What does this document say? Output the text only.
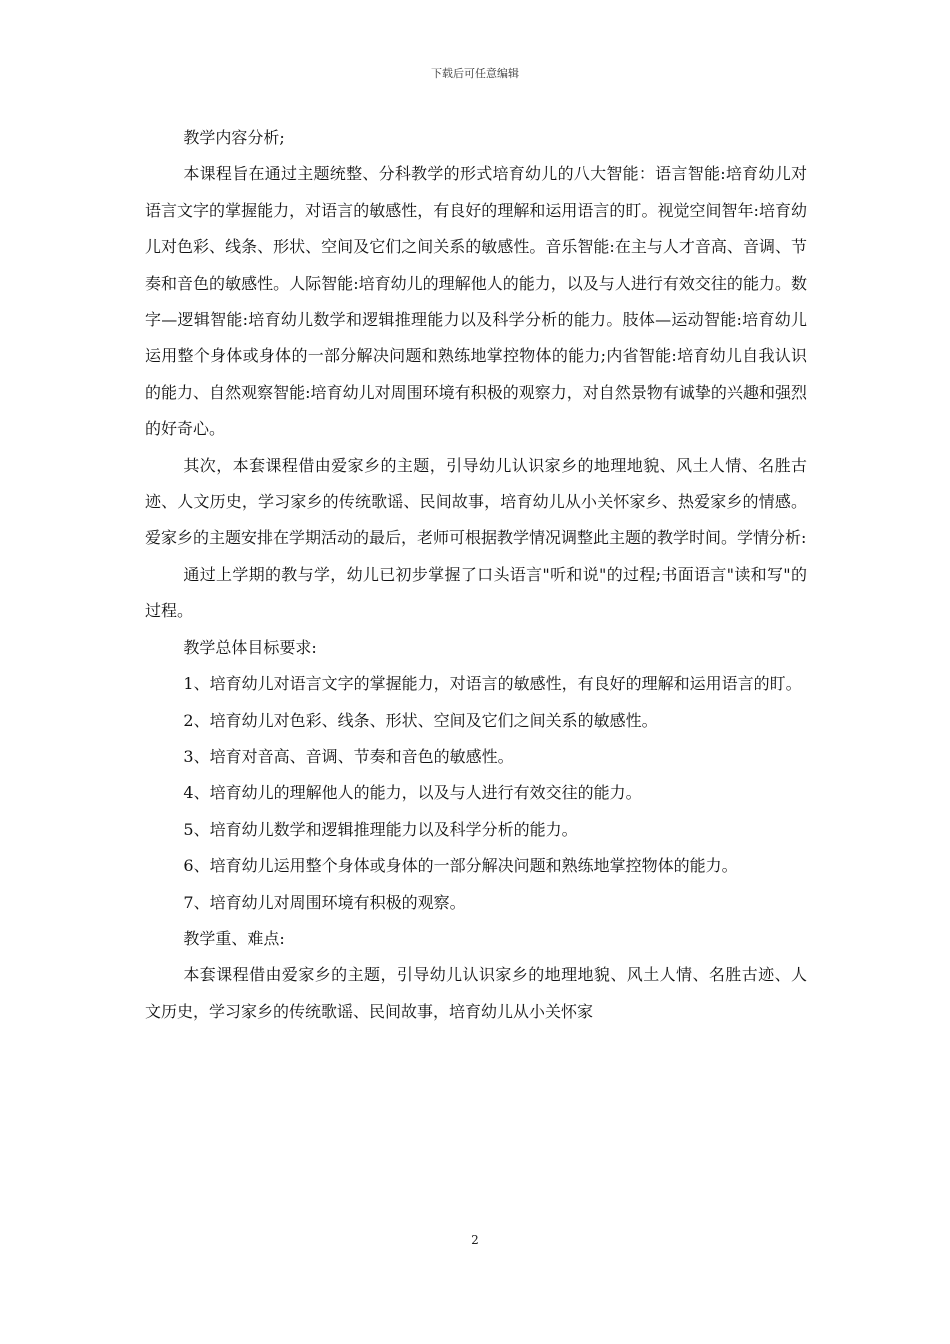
下载后可任意编辑

教学内容分析;

本课程旨在通过主题统整、分科教学的形式培育幼儿的八大智能：语言智能:培育幼儿对语言文字的掌握能力，对语言的敏感性，有良好的理解和运用语言的盯。视觉空间智年:培育幼儿对色彩、线条、形状、空间及它们之间关系的敏感性。音乐智能:在主与人才音高、音调、节奏和音色的敏感性。人际智能:培育幼儿的理解他人的能力，以及与人进行有效交往的能力。数字—逻辑智能:培育幼儿数学和逻辑推理能力以及科学分析的能力。肢体—运动智能:培育幼儿运用整个身体或身体的一部分解决问题和熟练地掌控物体的能力;内省智能:培育幼儿自我认识的能力、自然观察智能:培育幼儿对周围环境有积极的观察力，对自然景物有诚挚的兴趣和强烈的好奇心。

其次，本套课程借由爱家乡的主题，引导幼儿认识家乡的地理地貌、风土人情、名胜古迹、人文历史，学习家乡的传统歌谣、民间故事，培育幼儿从小关怀家乡、热爱家乡的情感。爱家乡的主题安排在学期活动的最后，老师可根据教学情况调整此主题的教学时间。学情分析:

通过上学期的教与学，幼儿已初步掌握了口头语言"听和说"的过程;书面语言"读和写"的过程。

教学总体目标要求:

1、培育幼儿对语言文字的掌握能力，对语言的敏感性，有良好的理解和运用语言的盯。

2、培育幼儿对色彩、线条、形状、空间及它们之间关系的敏感性。

3、培育对音高、音调、节奏和音色的敏感性。

4、培育幼儿的理解他人的能力，以及与人进行有效交往的能力。

5、培育幼儿数学和逻辑推理能力以及科学分析的能力。

6、培育幼儿运用整个身体或身体的一部分解决问题和熟练地掌控物体的能力。

7、培育幼儿对周围环境有积极的观察。

教学重、难点:

本套课程借由爱家乡的主题，引导幼儿认识家乡的地理地貌、风土人情、名胜古迹、人文历史，学习家乡的传统歌谣、民间故事，培育幼儿从小关怀家

2
